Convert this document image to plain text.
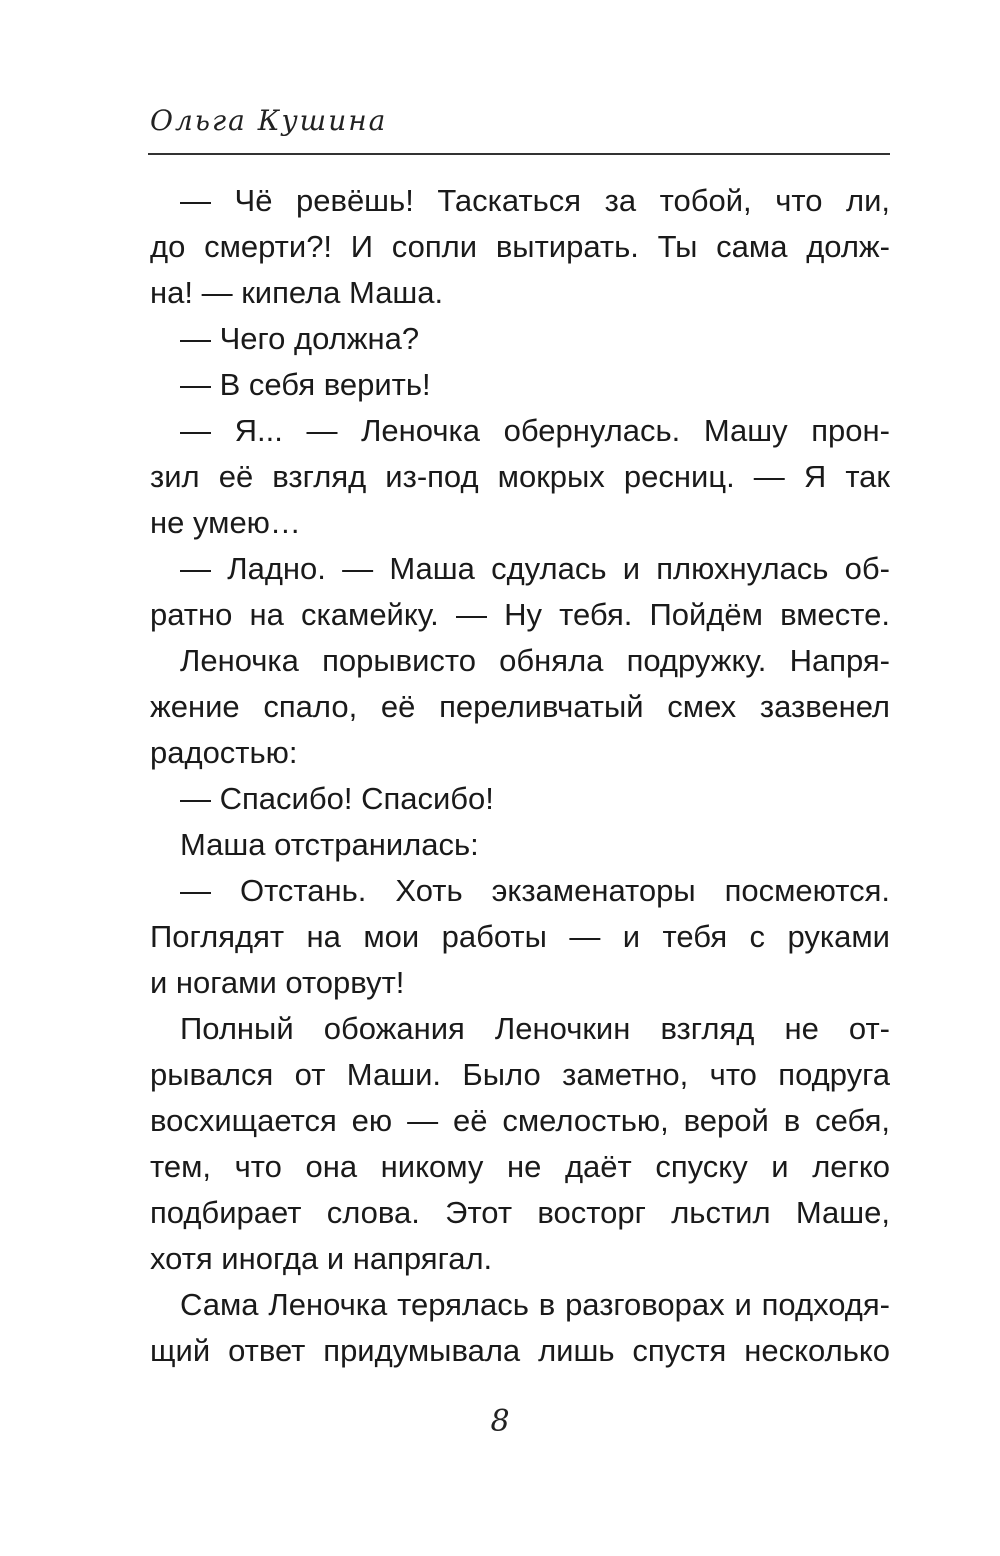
Ольга Кушина
— Чё ревёшь! Таскаться за тобой, что ли,
до смерти?! И сопли вытирать. Ты сама долж-
на! — кипела Маша.
— Чего должна?
— В себя верить!
— Я... — Леночка обернулась. Машу прон-
зил её взгляд из-под мокрых ресниц. — Я так
не умею…
— Ладно. — Маша сдулась и плюхнулась об-
ратно на скамейку. — Ну тебя. Пойдём вместе.
Леночка порывисто обняла подружку. Напря-
жение спало, её переливчатый смех зазвенел
радостью:
— Спасибо! Спасибо!
Маша отстранилась:
— Отстань. Хоть экзаменаторы посмеются.
Поглядят на мои работы — и тебя с руками
и ногами оторвут!
Полный обожания Леночкин взгляд не от-
рывался от Маши. Было заметно, что подруга
восхищается ею — её смелостью, верой в себя,
тем, что она никому не даёт спуску и легко
подбирает слова. Этот восторг льстил Маше,
хотя иногда и напрягал.
Сама Леночка терялась в разговорах и подходя-
щий ответ придумывала лишь спустя несколько
8
